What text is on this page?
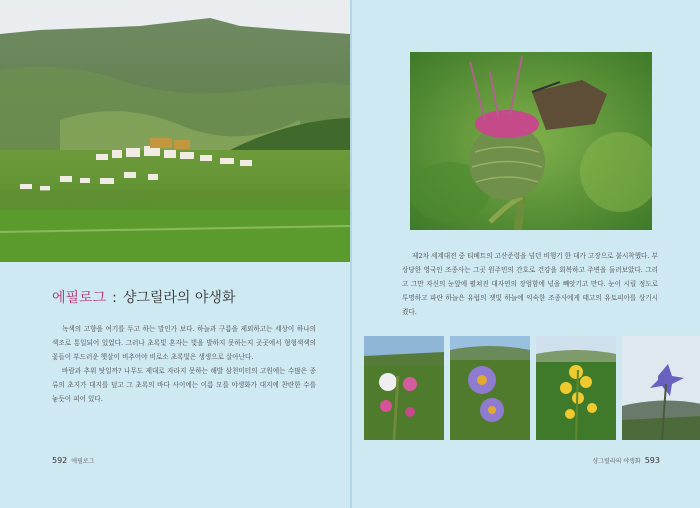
에필로그 : 샹그릴라의 야생화

녹색의 고향을 여기를 두고 하는 말인가 보다. 하늘과 구름을 제외하고는 세상이 하나의 색조로 통일되어 있었다. 그러나 초록빛 혼자는 빛을 발하지 못하는지 곳곳에서 형형색색의 꽃들이 부드러운 햇살이 비추어야 비로소 초록빛은 생생으로 살아난다.

바람과 추위 탓일까? 나무도 제대로 자라지 못하는 해발 삼천미터의 고원에는 수많은 종류의 초지가 대지를 덮고 그 초록의 바다 사이에는 이름 모를 야생화가 대지에 찬란한 수를 놓듯이 피어 있다.

592 에필로그

제2차 세계대전 중 티베트의 고산준령을 넘던 비행기 한 대가 고장으로 불시착했다. 부상당한 영국인 조종사는 그곳 원주민의 간호로 건강을 회복하고 주변을 둘러보았다. 그리고 그만 자신의 눈앞에 펼쳐진 대자연의 장엄함에 넋을 빼앗기고 만다. 눈이 시릴 정도로 투명하고 파란 하늘은 유럽의 잿빛 하늘에 익숙한 조종사에게 태고의 유토피아를 상기시켰다.

샹그릴라의 야생화 593
